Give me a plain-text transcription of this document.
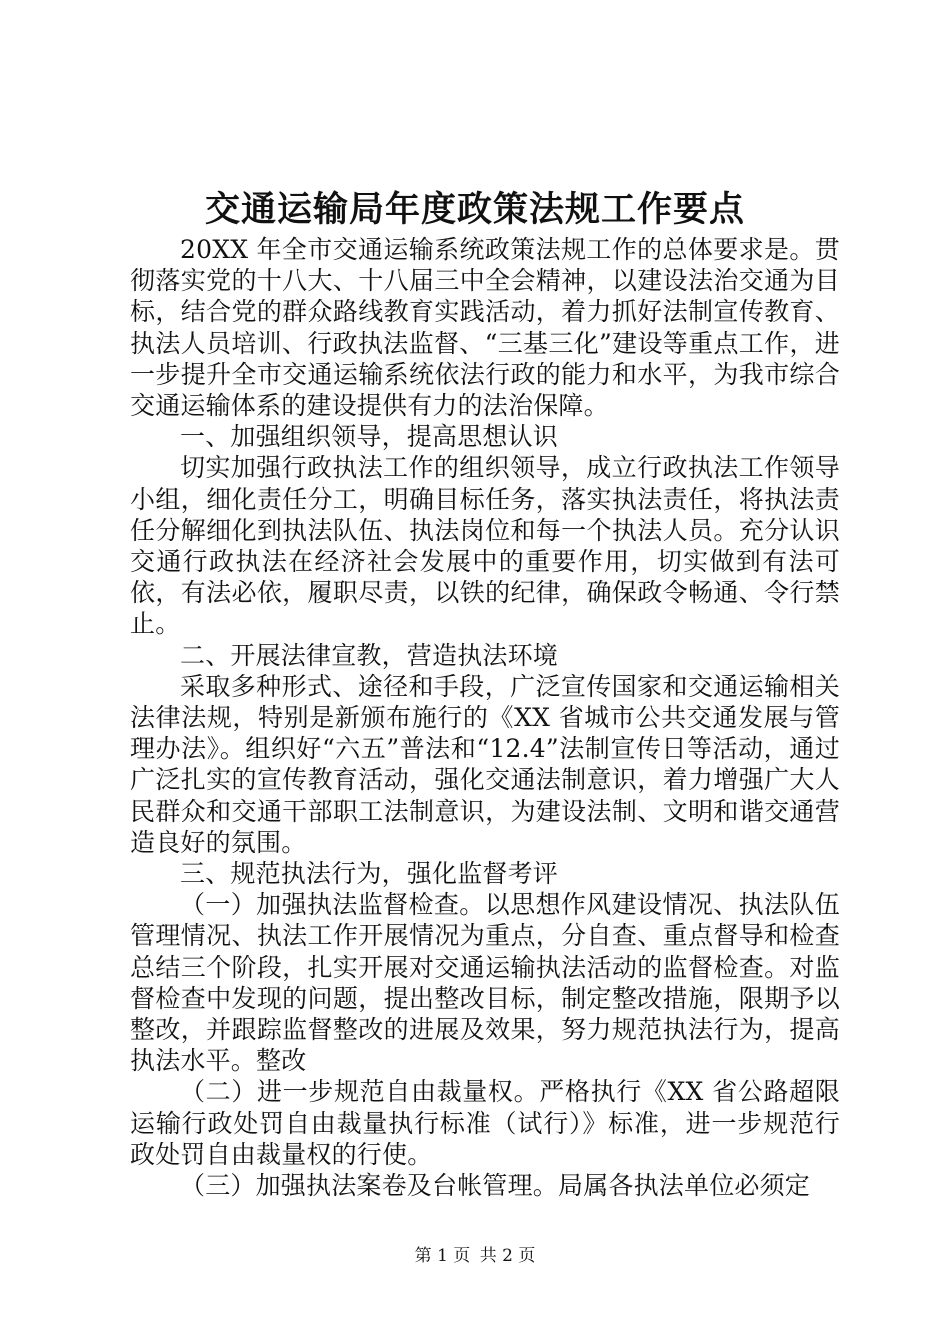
交通运输局年度政策法规工作要点

20XX 年全市交通运输系统政策法规工作的总体要求是。贯彻落实党的十八大、十八届三中全会精神，以建设法治交通为目标，结合党的群众路线教育实践活动，着力抓好法制宣传教育、执法人员培训、行政执法监督、“三基三化”建设等重点工作，进一步提升全市交通运输系统依法行政的能力和水平，为我市综合交通运输体系的建设提供有力的法治保障。

一、加强组织领导，提高思想认识

切实加强行政执法工作的组织领导，成立行政执法工作领导小组，细化责任分工，明确目标任务，落实执法责任，将执法责任分解细化到执法队伍、执法岗位和每一个执法人员。充分认识交通行政执法在经济社会发展中的重要作用，切实做到有法可依，有法必依，履职尽责，以铁的纪律，确保政令畅通、令行禁止。

二、开展法律宣教，营造执法环境

采取多种形式、途径和手段，广泛宣传国家和交通运输相关法律法规，特别是新颁布施行的《XX 省城市公共交通发展与管理办法》。组织好“六五”普法和“12.4”法制宣传日等活动，通过广泛扎实的宣传教育活动，强化交通法制意识，着力增强广大人民群众和交通干部职工法制意识，为建设法制、文明和谐交通营造良好的氛围。

三、规范执法行为，强化监督考评

（一）加强执法监督检查。以思想作风建设情况、执法队伍管理情况、执法工作开展情况为重点，分自查、重点督导和检查总结三个阶段，扎实开展对交通运输执法活动的监督检查。对监督检查中发现的问题，提出整改目标，制定整改措施，限期予以整改，并跟踪监督整改的进展及效果，努力规范执法行为，提高执法水平。整改

（二）进一步规范自由裁量权。严格执行《XX 省公路超限运输行政处罚自由裁量执行标准（试行）》标准，进一步规范行政处罚自由裁量权的行使。

（三）加强执法案卷及台帐管理。局属各执法单位必须定

第 1 页 共 2 页
